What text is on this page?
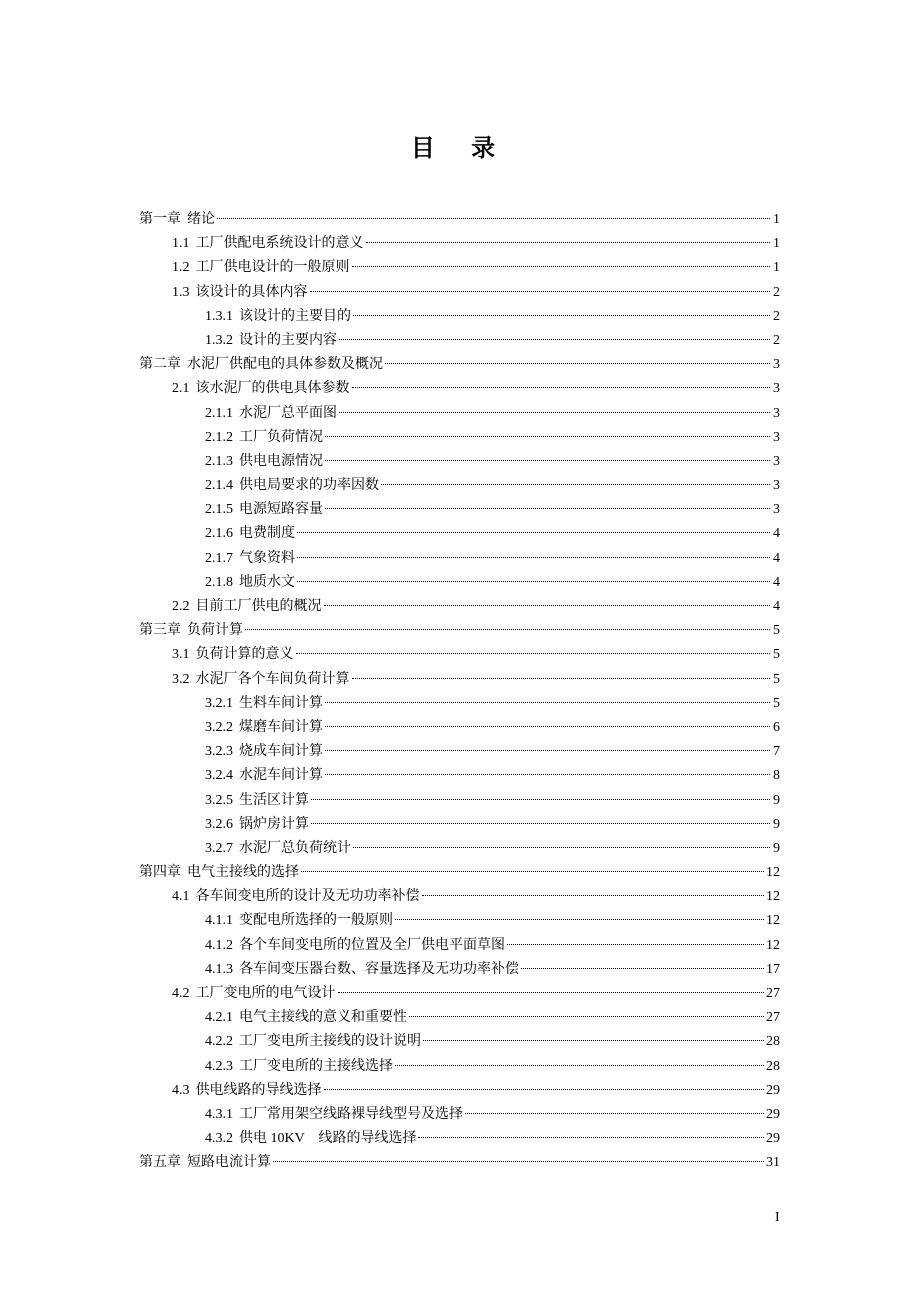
目 录
第一章 绪论	1
1.1 工厂供配电系统设计的意义	1
1.2 工厂供电设计的一般原则	1
1.3 该设计的具体内容	2
1.3.1 该设计的主要目的	2
1.3.2 设计的主要内容	2
第二章 水泥厂供配电的具体参数及概况	3
2.1 该水泥厂的供电具体参数	3
2.1.1 水泥厂总平面图	3
2.1.2 工厂负荷情况	3
2.1.3 供电电源情况	3
2.1.4 供电局要求的功率因数	3
2.1.5 电源短路容量	3
2.1.6 电费制度	4
2.1.7 气象资料	4
2.1.8 地质水文	4
2.2 目前工厂供电的概况	4
第三章 负荷计算	5
3.1 负荷计算的意义	5
3.2 水泥厂各个车间负荷计算	5
3.2.1 生料车间计算	5
3.2.2 煤磨车间计算	6
3.2.3 烧成车间计算	7
3.2.4 水泥车间计算	8
3.2.5 生活区计算	9
3.2.6 锅炉房计算	9
3.2.7 水泥厂总负荷统计	9
第四章 电气主接线的选择	12
4.1 各车间变电所的设计及无功功率补偿	12
4.1.1 变配电所选择的一般原则	12
4.1.2 各个车间变电所的位置及全厂供电平面草图	12
4.1.3 各车间变压器台数、容量选择及无功功率补偿	17
4.2 工厂变电所的电气设计	27
4.2.1 电气主接线的意义和重要性	27
4.2.2 工厂变电所主接线的设计说明	28
4.2.3 工厂变电所的主接线选择	28
4.3 供电线路的导线选择	29
4.3.1 工厂常用架空线路裸导线型号及选择	29
4.3.2 供电 10KV　线路的导线选择	29
第五章 短路电流计算	31
I
